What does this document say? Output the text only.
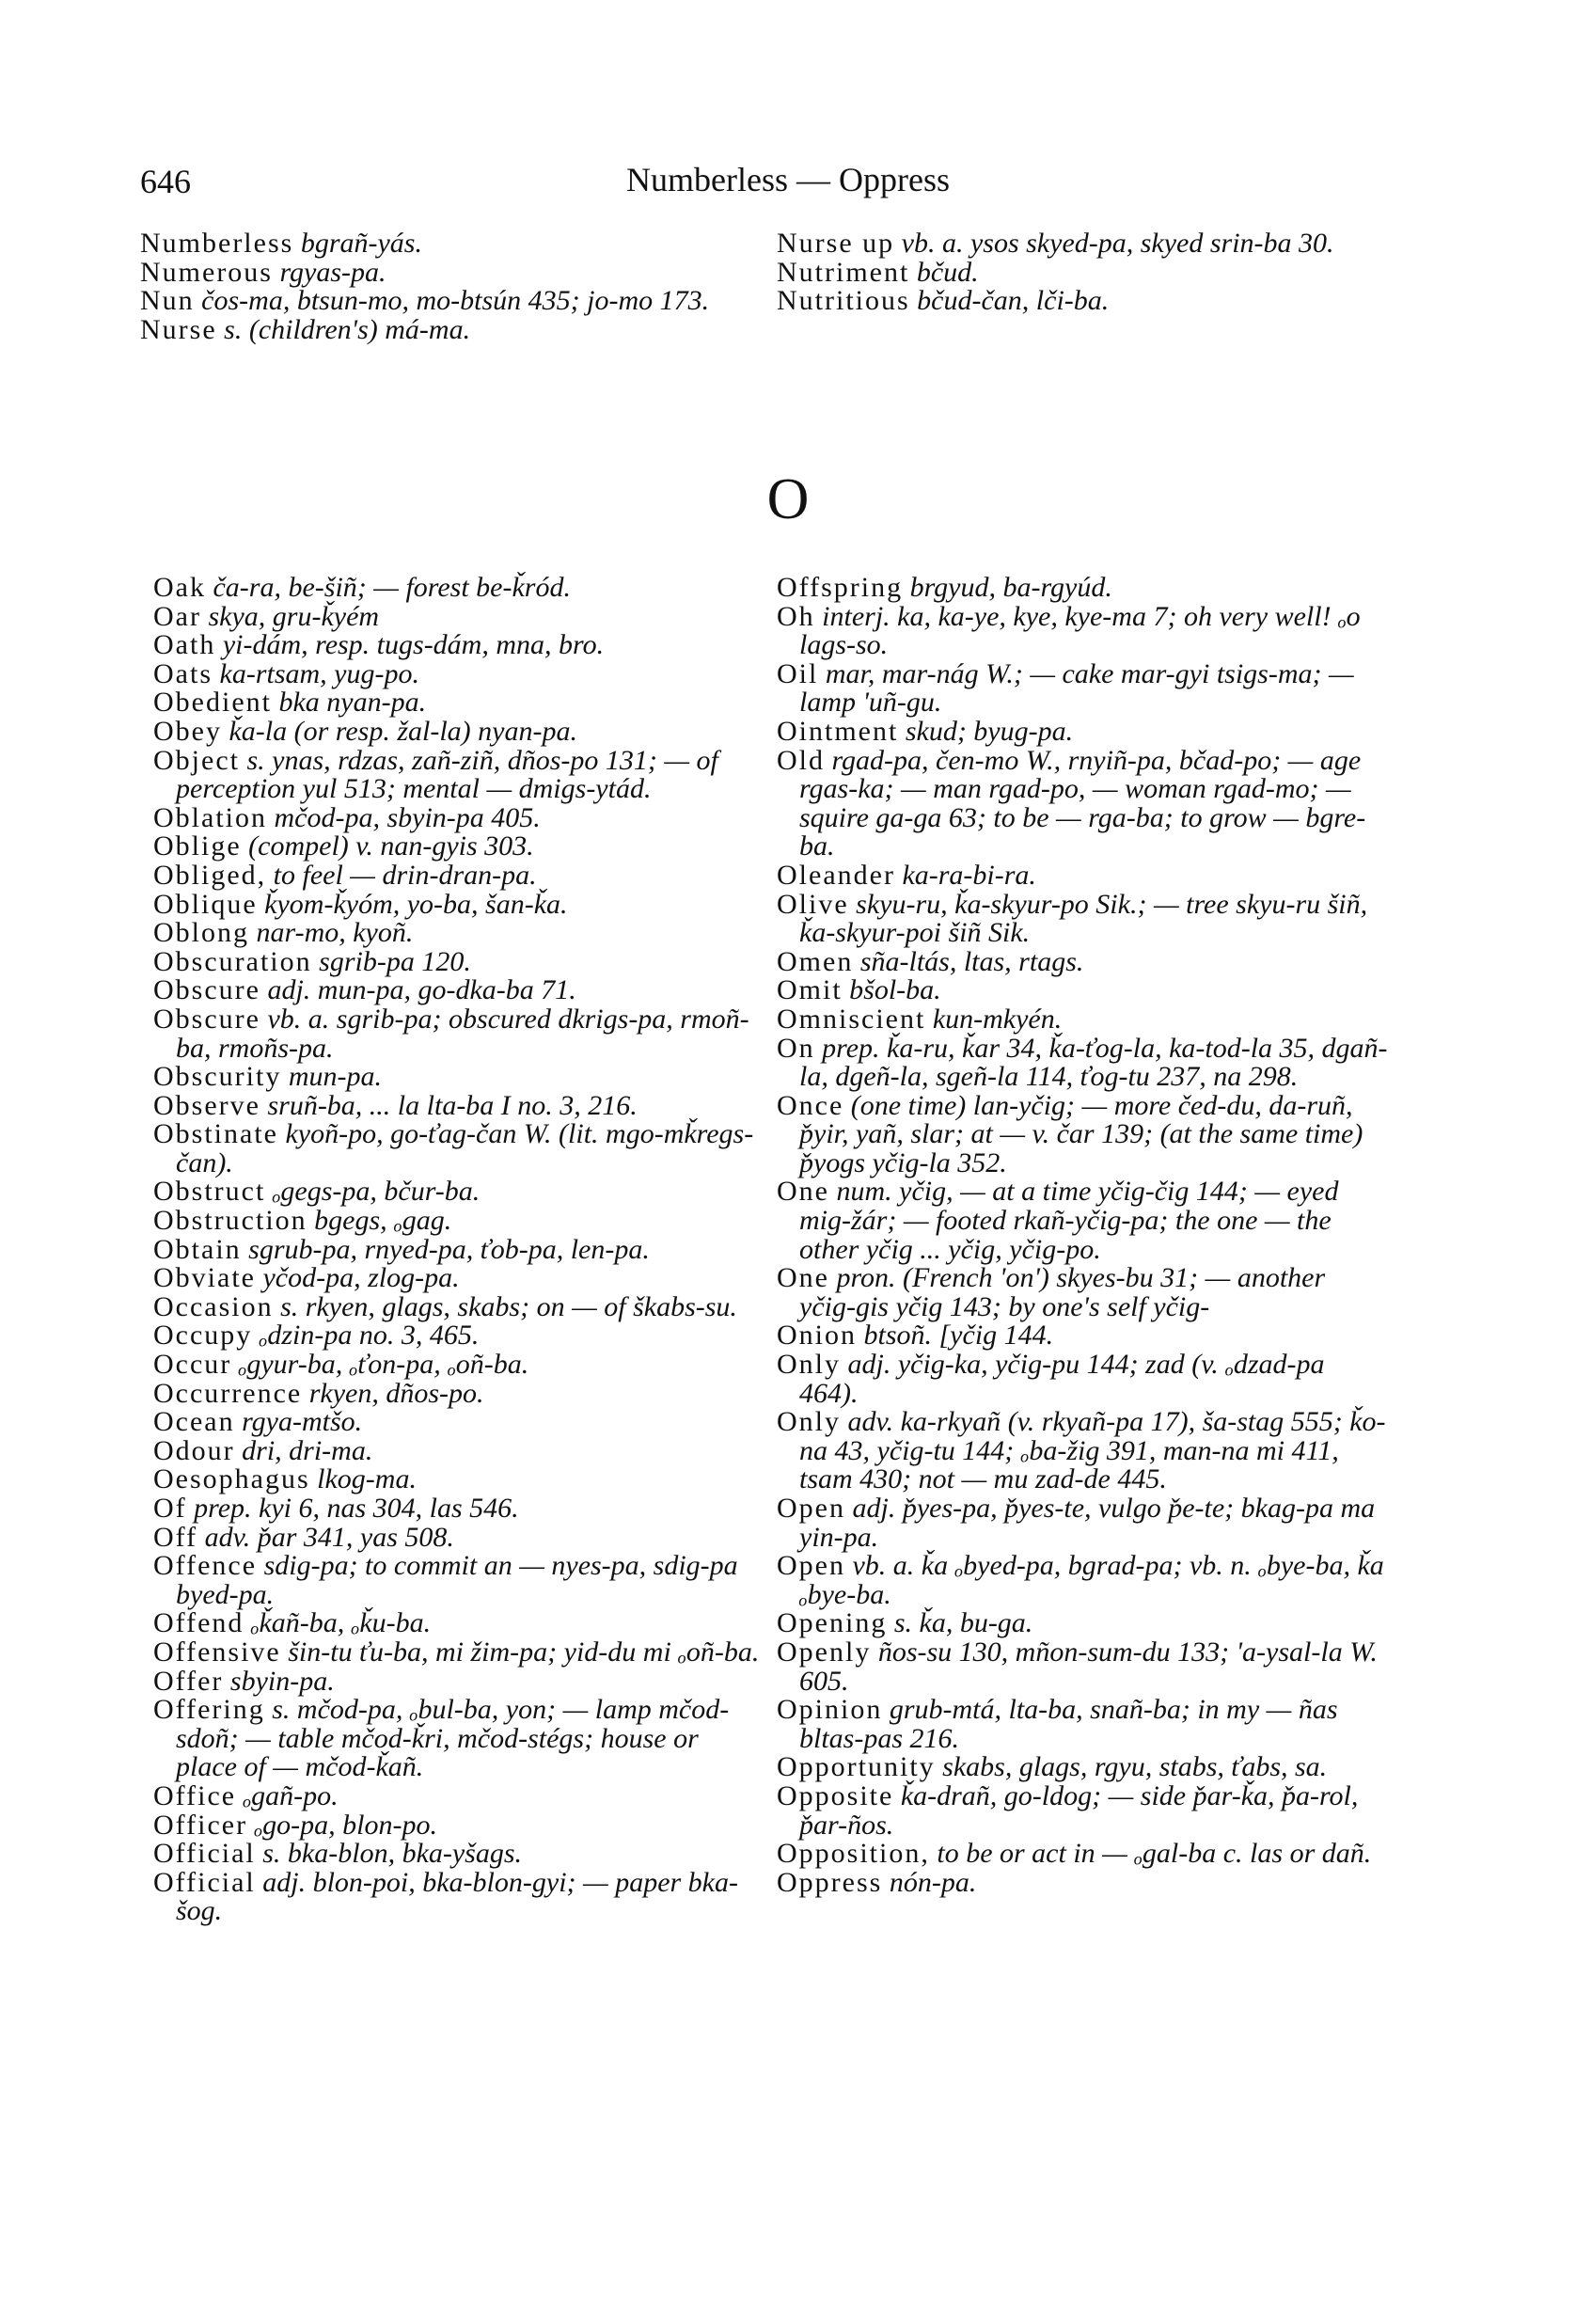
646	Numberless — Oppress

Numberless bgrañ-yás.

Numerous rgyas-pa.

Nun čos-ma, btsun-mo, mo-btsún 435; jo-mo 173.

Nurse s. (children's) má-ma.

Nurse up vb. a. ysos skyed-pa, skyed srin-ba 30.

Nutriment bčud.

Nutritious bčud-čan, lči-ba.

O

Oak ča-ra, be-šiñ; — forest be-ǩród.

Oar skya, gru-ǩyém

Oath yi-dám, resp. tugs-dám, mna, bro.

Oats ka-rtsam, yug-po.

Obedient bka nyan-pa.

Obey ǩa-la (or resp. žal-la) nyan-pa.

Object s. ynas, rdzas, zañ-ziñ, dños-po 131; — of perception yul 513; mental — dmigs-ytád.

Oblation mčod-pa, sbyin-pa 405.

Oblige (compel) v. nan-gyis 303.

Obliged, to feel — drin-dran-pa.

Oblique ǩyom-ǩyóm, yo-ba, šan-ǩa.

Oblong nar-mo, kyoñ.

Obscuration sgrib-pa 120.

Obscure adj. mun-pa, go-dka-ba 71.

Obscure vb. a. sgrib-pa; obscured dkrigs-pa, rmoñ-ba, rmoñs-pa.

Obscurity mun-pa.

Observe sruñ-ba, ... la lta-ba I no. 3, 216.

Obstinate kyoñ-po, go-ťag-čan W. (lit. mgo-mǩregs-čan).

Obstruct ₒgegs-pa, bčur-ba.

Obstruction bgegs, ₒgag.

Obtain sgrub-pa, rnyed-pa, ťob-pa, len-pa.

Obviate yčod-pa, zlog-pa.

Occasion s. rkyen, glags, skabs; on — of škabs-su.

Occupy ₒdzin-pa no. 3, 465.

Occur ₒgyur-ba, ₒťon-pa, ₒoñ-ba.

Occurrence rkyen, dños-po.

Ocean rgya-mtšo.

Odour dri, dri-ma.

Oesophagus lkog-ma.

Of prep. kyi 6, nas 304, las 546.

Off adv. p̌ar 341, yas 508.

Offence sdig-pa; to commit an — nyes-pa, sdig-pa byed-pa.

Offend ₒǩañ-ba, ₒǩu-ba.

Offensive šin-tu ťu-ba, mi žim-pa; yid-du mi ₒoñ-ba.

Offer sbyin-pa.

Offering s. mčod-pa, ₒbul-ba, yon; — lamp mčod-sdoñ; — table mčod-ǩri, mčod-stégs; house or place of — mčod-ǩañ.

Office ₒgañ-po.

Officer ₒgo-pa, blon-po.

Official s. bka-blon, bka-yšags.

Official adj. blon-poi, bka-blon-gyi; — paper bka-šog.

Offspring brgyud, ba-rgyúd.

Oh interj. ka, ka-ye, kye, kye-ma 7; oh very well! ₒo lags-so.

Oil mar, mar-nág W.; — cake mar-gyi tsigs-ma; — lamp 'uñ-gu.

Ointment skud; byug-pa.

Old rgad-pa, čen-mo W., rnyiñ-pa, bčad-po; — age rgas-ka; — man rgad-po, — woman rgad-mo; — squire ga-ga 63; to be — rga-ba; to grow — bgre-ba.

Oleander ka-ra-bi-ra.

Olive skyu-ru, ǩa-skyur-po Sik.; — tree skyu-ru šiñ, ǩa-skyur-poi šiñ Sik.

Omen sña-ltás, ltas, rtags.

Omit bšol-ba.

Omniscient kun-mkyén.

On prep. ǩa-ru, ǩar 34, ǩa-ťog-la, ka-tod-la 35, dgañ-la, dgeñ-la, sgeñ-la 114, ťog-tu 237, na 298.

Once (one time) lan-yčig; — more čed-du, da-ruñ, p̌yir, yañ, slar; at — v. čar 139; (at the same time) p̌yogs yčig-la 352.

One num. yčig, — at a time yčig-čig 144; — eyed mig-žár; — footed rkañ-yčig-pa; the one — the other yčig ... yčig, yčig-po.

One pron. (French 'on') skyes-bu 31; — another yčig-gis yčig 143; by one's self yčig-

Onion btsoñ. [yčig 144.

Only adj. yčig-ka, yčig-pu 144; zad (v. ₒdzad-pa 464).

Only adv. ka-rkyañ (v. rkyañ-pa 17), ša-stag 555; ǩo-na 43, yčig-tu 144; ₒba-žig 391, man-na mi 411, tsam 430; not — mu zad-de 445.

Open adj. p̌yes-pa, p̌yes-te, vulgo p̌e-te; bkag-pa ma yin-pa.

Open vb. a. ǩa ₒbyed-pa, bgrad-pa; vb. n. ₒbye-ba, ǩa ₒbye-ba.

Opening s. ǩa, bu-ga.

Openly ños-su 130, mñon-sum-du 133; 'a-ysal-la W. 605.

Opinion grub-mtá, lta-ba, snañ-ba; in my — ñas bltas-pas 216.

Opportunity skabs, glags, rgyu, stabs, ťabs, sa.

Opposite ǩa-drañ, go-ldog; — side p̌ar-ǩa, p̌a-rol, p̌ar-ños.

Opposition, to be or act in — ₒgal-ba c. las or dañ.

Oppress nón-pa.
